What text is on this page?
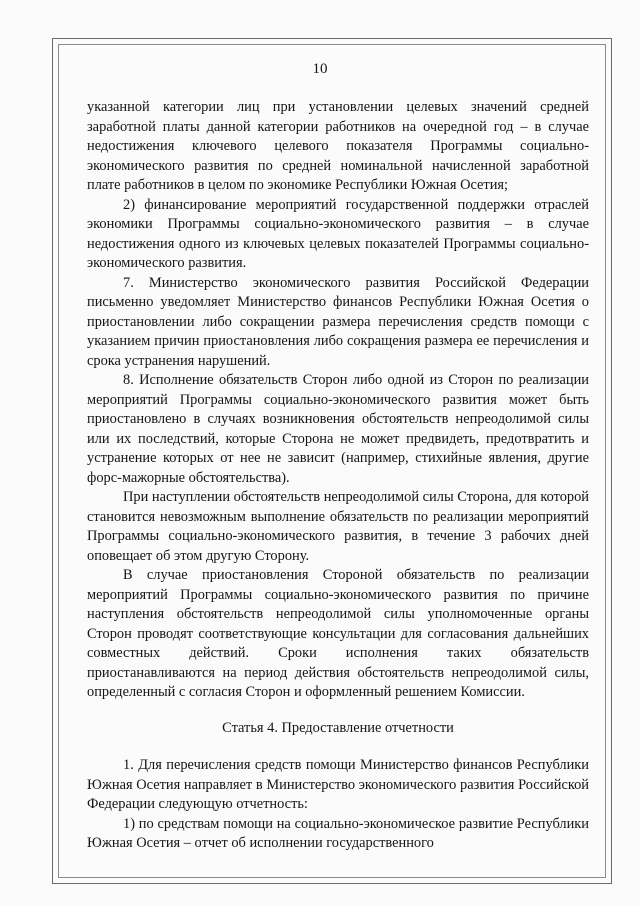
10

указанной категории лиц при установлении целевых значений средней заработной платы данной категории работников на очередной год – в случае недостижения ключевого целевого показателя Программы социально-экономического развития по средней номинальной начисленной заработной плате работников в целом по экономике Республики Южная Осетия;

2) финансирование мероприятий государственной поддержки отраслей экономики Программы социально-экономического развития – в случае недостижения одного из ключевых целевых показателей Программы социально-экономического развития.

7. Министерство экономического развития Российской Федерации письменно уведомляет Министерство финансов Республики Южная Осетия о приостановлении либо сокращении размера перечисления средств помощи с указанием причин приостановления либо сокращения размера ее перечисления и срока устранения нарушений.

8. Исполнение обязательств Сторон либо одной из Сторон по реализации мероприятий Программы социально-экономического развития может быть приостановлено в случаях возникновения обстоятельств непреодолимой силы или их последствий, которые Сторона не может предвидеть, предотвратить и устранение которых от нее не зависит (например, стихийные явления, другие форс-мажорные обстоятельства).

При наступлении обстоятельств непреодолимой силы Сторона, для которой становится невозможным выполнение обязательств по реализации мероприятий Программы социально-экономического развития, в течение 3 рабочих дней оповещает об этом другую Сторону.

В случае приостановления Стороной обязательств по реализации мероприятий Программы социально-экономического развития по причине наступления обстоятельств непреодолимой силы уполномоченные органы Сторон проводят соответствующие консультации для согласования дальнейших совместных действий. Сроки исполнения таких обязательств приостанавливаются на период действия обстоятельств непреодолимой силы, определенный с согласия Сторон и оформленный решением Комиссии.

Статья 4. Предоставление отчетности

1. Для перечисления средств помощи Министерство финансов Республики Южная Осетия направляет в Министерство экономического развития Российской Федерации следующую отчетность:

1) по средствам помощи на социально-экономическое развитие Республики Южная Осетия – отчет об исполнении государственного
